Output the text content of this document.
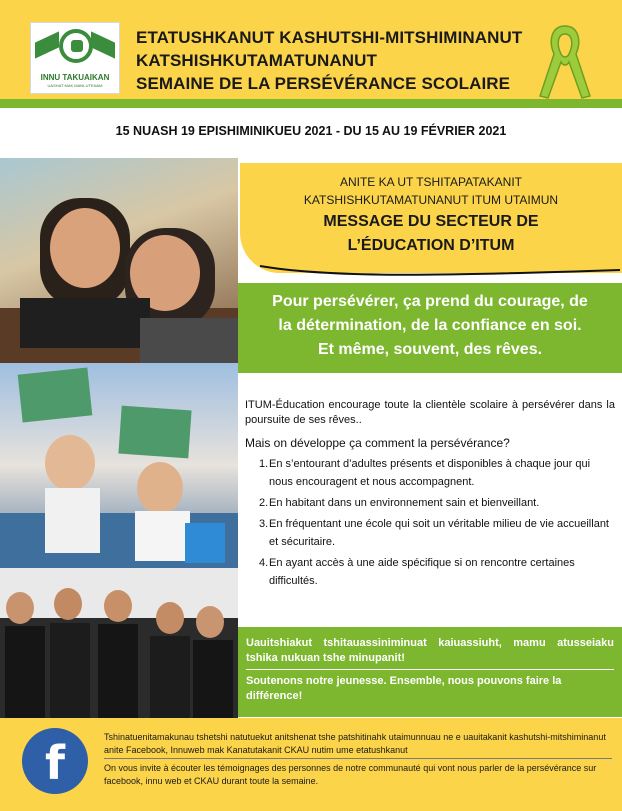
INNU TAKUAIKAN
UASHAT MAK MANI-UTENAM
ETATUSHKANUT KASHUTSHI-MITSHIMINANUT
KATSHISHKUTAMATUNANUT
SEMAINE DE LA PERSÉVÉRANCE SCOLAIRE
15 NUASH 19 EPISHIMINIKUEU 2021 - DU 15 AU 19 FÉVRIER 2021
ANITE KA UT TSHITAPATAKANIT
KATSHISHKUTAMATUNANUT ITUM UTAIMUN
MESSAGE DU SECTEUR DE
L’ÉDUCATION D’ITUM
Pour persévérer, ça prend du courage, de
la détermination, de la confiance en soi.
Et même, souvent, des rêves.

ITUM-Éducation encourage toute la clientèle scolaire à persévérer dans la poursuite de ses rêves..

Mais on développe ça comment la persévérance?

1. En s’entourant d’adultes présents et disponibles à chaque jour qui nous encouragent et nous accompagnent.
2. En habitant dans un environnement sain et bienveillant.
3. En fréquentant une école qui soit un véritable milieu de vie accueillant et sécuritaire.
4. En ayant accès à une aide spécifique si on rencontre certaines difficultés.

Uauitshiakut tshitauassiniminuat kaiuassiuht, mamu atusseiaku tshika nukuan tshe minupanit!

Soutenons notre jeunesse. Ensemble, nous pouvons faire la différence!

f	Tshinatuenitamakunau tshetshi natutuekut anitshenat tshe patshitinahk utaimunnuau ne e uauitakanit kashutshi-mitshiminanut anite Facebook, Innuweb mak Kanatutakanit CKAU nutim ume etatushkanut

On vous invite à écouter les témoignages des personnes de notre communauté qui vont nous parler de la persévérance sur facebook, innu web et CKAU durant toute la semaine.
